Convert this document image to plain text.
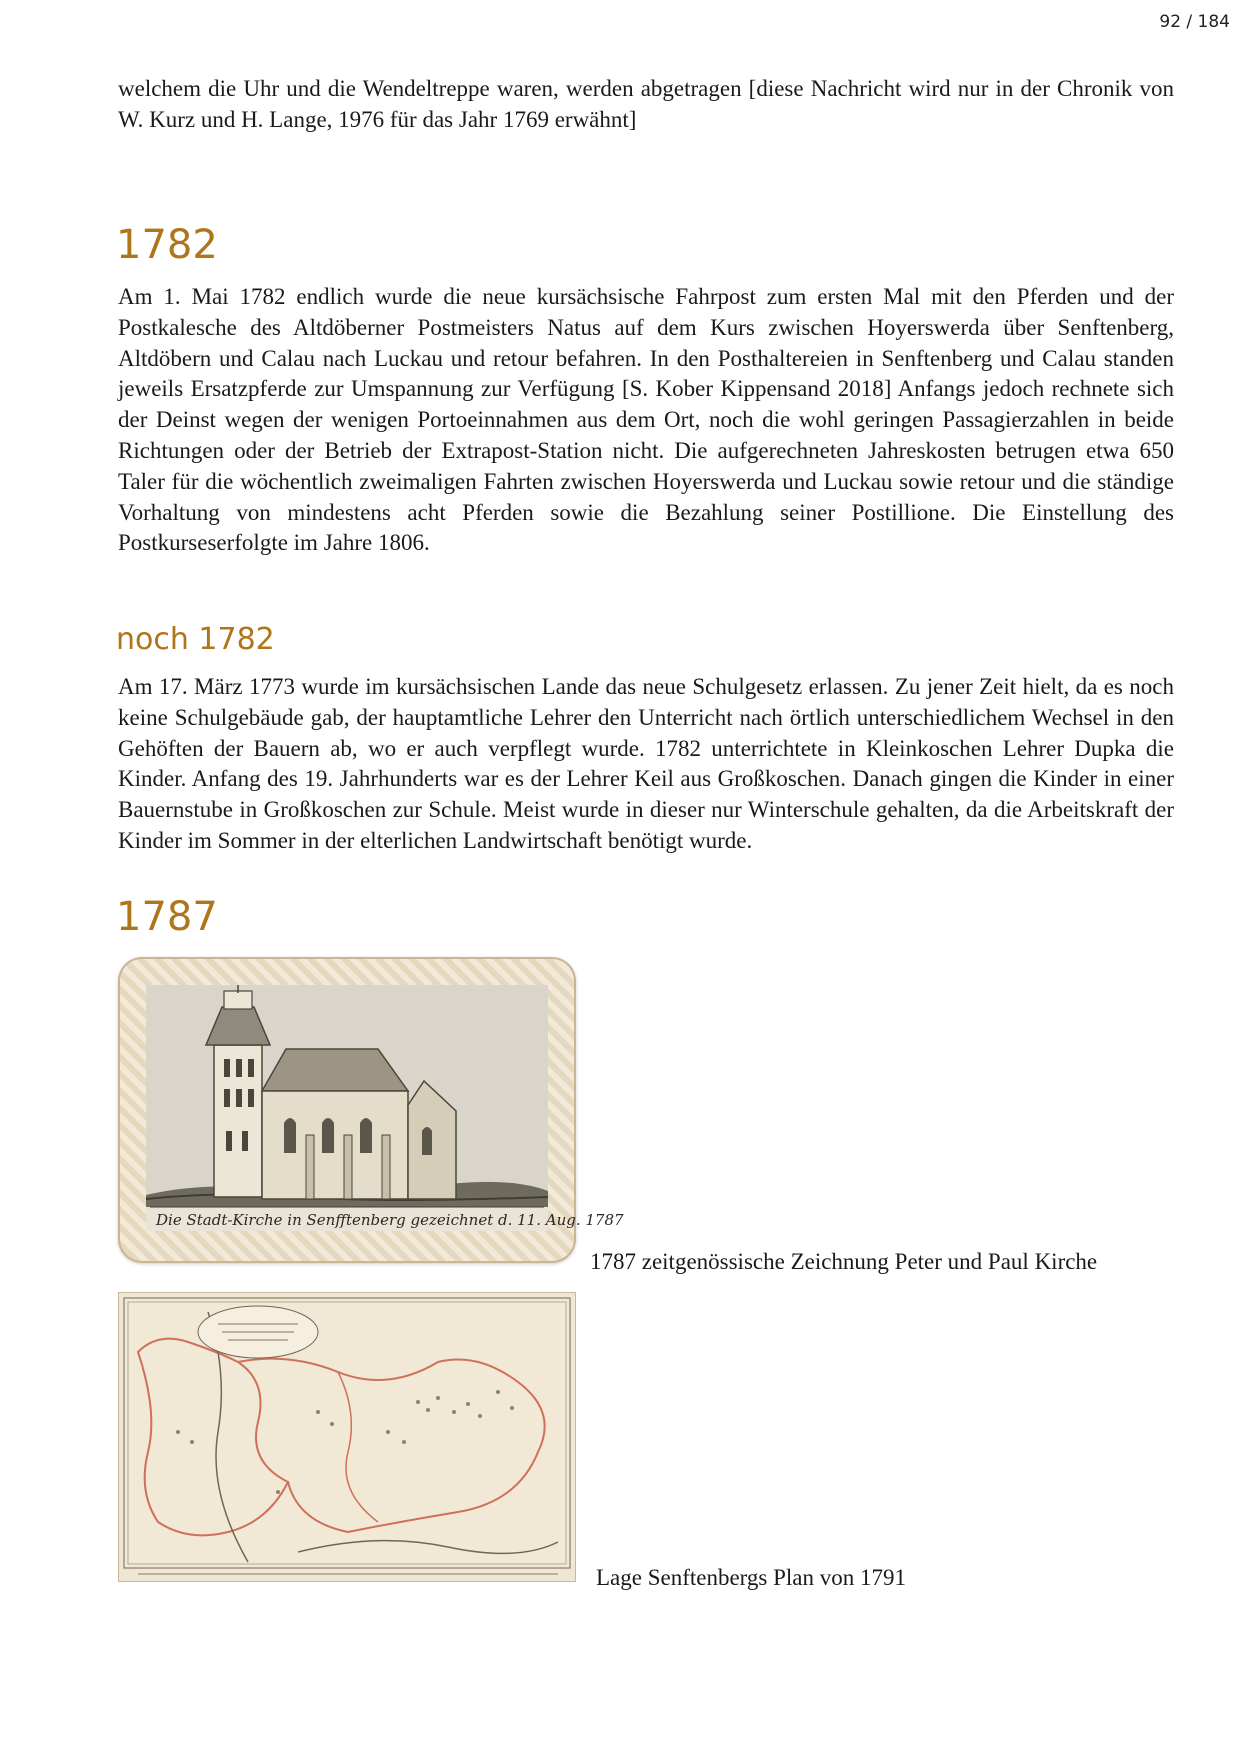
92 / 184

welchem die Uhr und die Wendeltreppe waren, werden abgetragen [diese Nachricht wird nur in der Chronik von W. Kurz und H. Lange, 1976 für das Jahr 1769 erwähnt]

1782

Am 1. Mai 1782 endlich wurde die neue kursächsische Fahrpost zum ersten Mal mit den Pferden und der Postkalesche des Altdöberner Postmeisters Natus auf dem Kurs zwischen Hoyerswerda über Senftenberg, Altdöbern und Calau nach Luckau und retour befahren. In den Posthaltereien in Senftenberg und Calau standen jeweils Ersatzpferde zur Umspannung zur Verfügung [S. Kober Kippensand 2018] Anfangs jedoch rechnete sich der Deinst wegen der wenigen Portoeinnahmen aus dem Ort, noch die wohl geringen Passagierzahlen in beide Richtungen oder der Betrieb der Extrapost-Station nicht. Die aufgerechneten Jahreskosten betrugen etwa 650 Taler für die wöchentlich zweimaligen Fahrten zwischen Hoyerswerda und Luckau sowie retour und die ständige Vorhaltung von mindestens acht Pferden sowie die Bezahlung seiner Postillione. Die Einstellung des Postkurseserfolgte im Jahre 1806.

noch 1782

Am 17. März 1773 wurde im kursächsischen Lande das neue Schulgesetz erlassen. Zu jener Zeit hielt, da es noch keine Schulgebäude gab, der hauptamtliche Lehrer den Unterricht nach örtlich unterschiedlichem Wechsel in den Gehöften der Bauern ab, wo er auch verpflegt wurde. 1782 unterrichtete in Kleinkoschen Lehrer Dupka die Kinder. Anfang des 19. Jahrhunderts war es der Lehrer Keil aus Großkoschen. Danach gingen die Kinder in einer Bauernstube in Großkoschen zur Schule. Meist wurde in dieser nur Winterschule gehalten, da die Arbeitskraft der Kinder im Sommer in der elterlichen Landwirtschaft benötigt wurde.

1787
Die Stadt-Kirche in Senfftenberg gezeichnet d. 11. Aug. 1787

1787 zeitgenössische Zeichnung Peter und Paul Kirche

Lage Senftenbergs Plan von 1791
